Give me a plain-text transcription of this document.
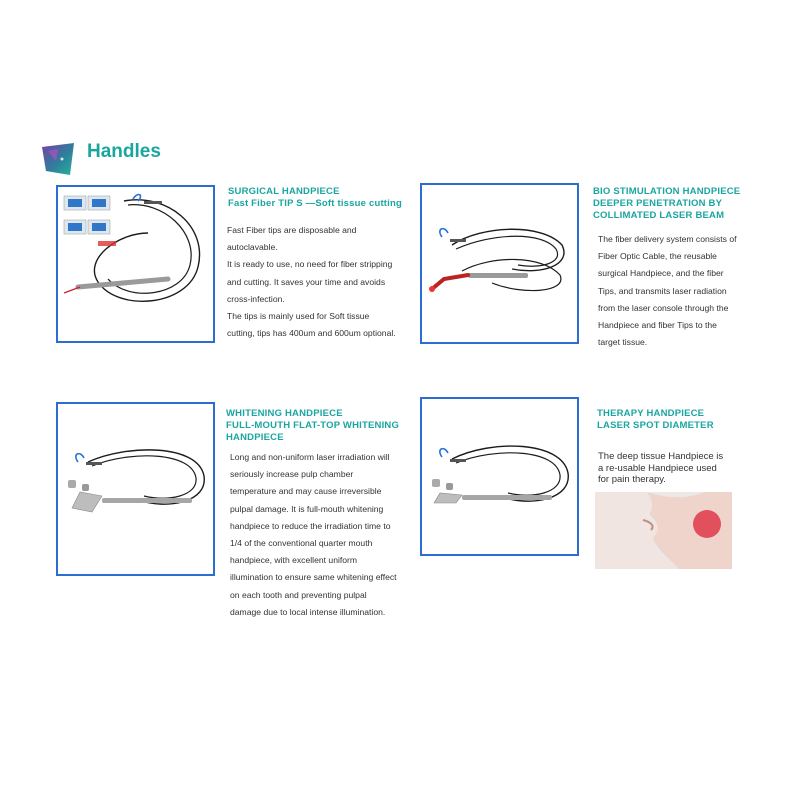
Handles
SURGICAL HANDPIECE
Fast Fiber TIP S —Soft tissue cutting
Fast Fiber tips are disposable and
autoclavable.
It is ready to use, no need for fiber stripping
and cutting. It saves your time and avoids
cross-infection.
The tips is mainly used for Soft tissue
cutting, tips has 400um and 600um optional.
BIO STIMULATION HANDPIECE
DEEPER PENETRATION BY
COLLIMATED LASER BEAM
The fiber delivery system consists of
Fiber Optic Cable, the reusable
surgical Handpiece, and the fiber
Tips, and transmits laser radiation
from the laser console through the
Handpiece and fiber Tips to the
target tissue.
WHITENING HANDPIECE
FULL-MOUTH FLAT-TOP WHITENING
HANDPIECE
Long and non-uniform laser irradiation will
seriously increase pulp chamber
temperature and may cause irreversible
pulpal damage. It is full-mouth whitening
handpiece to reduce the irradiation time to
1/4 of the conventional quarter mouth
handpiece, with excellent uniform
illumination to ensure same whitening effect
on each tooth and preventing pulpal
damage due to local intense illumination.
THERAPY HANDPIECE
LASER SPOT DIAMETER
The deep tissue Handpiece is
a re-usable Handpiece used
for pain therapy.
